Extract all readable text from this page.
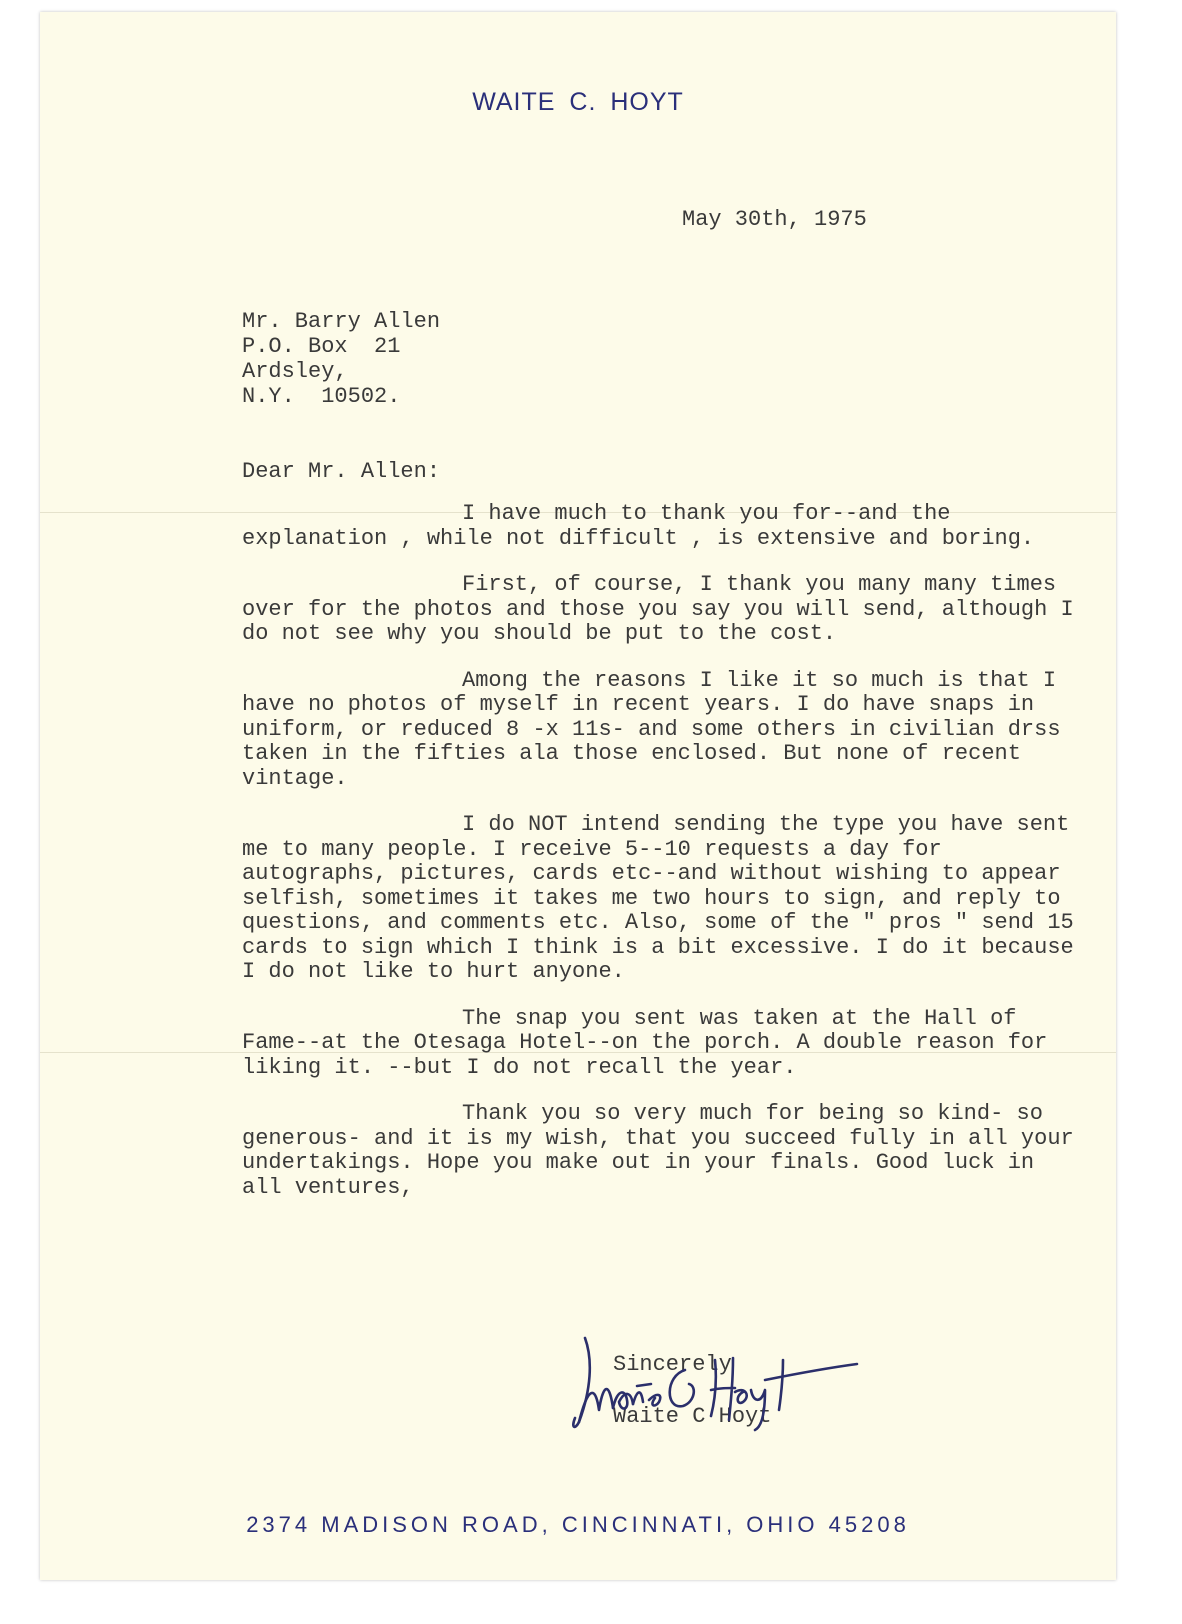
WAITE C. HOYT
May 30th, 1975
Mr. Barry Allen
P.O. Box  21
Ardsley,
N.Y.  10502.
Dear Mr. Allen:

I have much to thank you for--and the explanation , while not difficult , is extensive and boring.

First, of course, I thank you many many times over for the photos and those you say you will send, although I do not see why you should be put to the cost.

Among the reasons I like it so much is that I have no photos of myself in recent years. I do have snaps in uniform, or reduced 8 -x 11s- and some others in civilian drss taken in the fifties ala those enclosed. But none of recent vintage.

I do NOT intend sending the type you have sent me to many people. I receive 5--10 requests a day for autographs, pictures, cards etc--and without wishing to appear selfish, sometimes it takes me two hours to sign, and reply to questions, and comments etc. Also, some of the " pros " send 15 cards to sign which I think is a bit excessive. I do it because I do not like to hurt anyone.

The snap you sent was taken at the Hall of Fame--at the Otesaga Hotel--on the porch. A double reason for liking it. --but I do not recall the year.

Thank you so very much for being so kind- so generous- and it is my wish, that you succeed fully in all your undertakings. Hope you make out in your finals. Good luck in all ventures,

Sincerely
Waite C Hoyt
2374 MADISON ROAD, CINCINNATI, OHIO 45208
